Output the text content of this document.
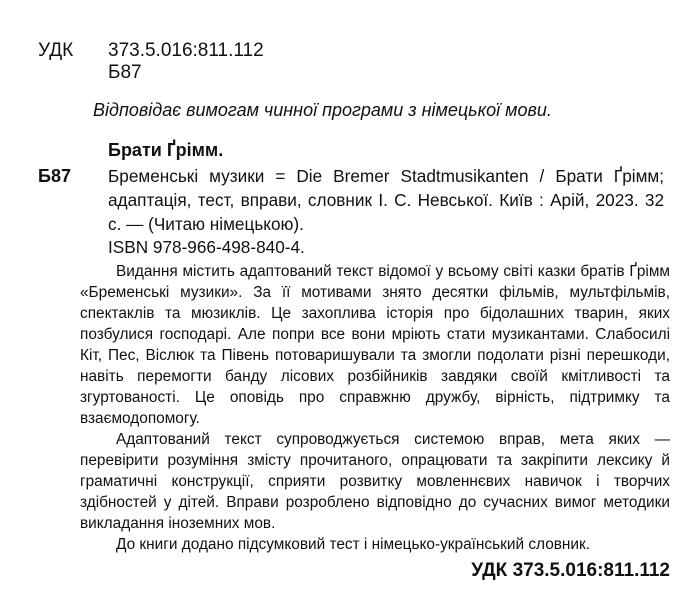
УДК 373.5.016:811.112
Б87
Відповідає вимогам чинної програми з німецької мови.
Брати Ґрімм.
Б87 Бременські музики = Die Bremer Stadtmusikanten / Брати Ґрімм; адаптація, тест, вправи, словник І. С. Невської. Київ : Арій, 2023. 32 с. — (Читаю німецькою).
ISBN 978-966-498-840-4.

Видання містить адаптований текст відомої у всьому світі казки братів Ґрімм «Бременські музики». За її мотивами знято десятки фільмів, мультфільмів, спектаклів та мюзиклів. Це захоплива історія про бідолашних тварин, яких позбулися господарі. Але попри все вони мріють стати музикантами. Слабосилі Кіт, Пес, Віслюк та Півень потоваришували та змогли подолати різні перешкоди, навіть перемогти банду лісових розбійників завдяки своїй кмітливості та згуртованості. Це оповідь про справжню дружбу, вірність, підтримку та взаємодопомогу.

Адаптований текст супроводжується системою вправ, мета яких — перевірити розуміння змісту прочитаного, опрацювати та закріпити лексику й граматичні конструкції, сприяти розвитку мовленнєвих навичок і творчих здібностей у дітей. Вправи розроблено відповідно до сучасних вимог методики викладання іноземних мов.

До книги додано підсумковий тест і німецько-український словник.

УДК 373.5.016:811.112
